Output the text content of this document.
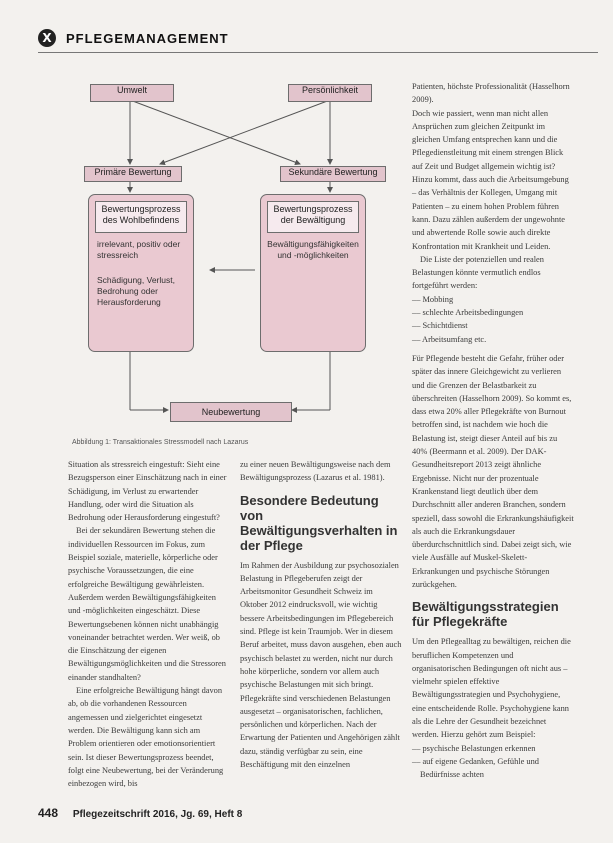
X	PFLEGEMANAGEMENT
Umwelt	Persönlichkeit
Primäre Bewertung	Sekundäre Bewertung
Bewertungsprozess des Wohlbefindens
irrelevant, positiv oder stressreich
Schädigung, Verlust, Bedrohung oder Herausforderung
Bewertungsprozess der Bewältigung
Bewältigungsfähigkeiten und -möglichkeiten
Neubewertung
Abbildung 1: Transaktionales Stressmodell nach Lazarus

Situation als stressreich eingestuft: Sieht eine Bezugsperson einer Einschätzung nach in einer Schädigung, im Verlust zu erwartender Handlung, oder wird die Situation als Bedrohung oder Herausforderung eingestuft?

Bei der sekundären Bewertung stehen die individuellen Ressourcen im Fokus, zum Beispiel soziale, materielle, körperliche oder psychische Voraussetzungen, die eine erfolgreiche Bewältigung gewährleisten. Außerdem werden Bewältigungsfähigkeiten und -möglichkeiten eingeschätzt. Diese Bewertungsebenen können nicht unabhängig voneinander betrachtet werden. Wer weiß, ob die Einschätzung der eigenen Bewältigungsmöglichkeiten und die Stressoren einander standhalten?

Eine erfolgreiche Bewältigung hängt davon ab, ob die vorhandenen Ressourcen angemessen und zielgerichtet eingesetzt werden. Die Bewältigung kann sich am Problem orientieren oder emotionsorientiert sein. Ist dieser Bewertungsprozess beendet, folgt eine Neubewertung, bei der Veränderung einbezogen wird, bis

zu einer neuen Bewältigungsweise nach dem Bewältigungsprozess (Lazarus et al. 1981).

Besondere Bedeutung von Bewältigungsverhalten in der Pflege

Im Rahmen der Ausbildung zur psychosozialen Belastung in Pflegeberufen zeigt der Arbeitsmonitor Gesundheit Schweiz im Oktober 2012 eindrucksvoll, wie wichtig bessere Arbeitsbedingungen im Pflegebereich sind. Pflege ist kein Traumjob. Wer in diesem Beruf arbeitet, muss davon ausgehen, eben auch psychisch belastet zu werden, nicht nur durch hohe körperliche, sondern vor allem auch psychische Belastungen mit sich bringt. Pflegekräfte sind verschiedenen Belastungen ausgesetzt – organisatorischen, fachlichen, persönlichen und körperlichen. Nach der Erwartung der Patienten und Angehörigen zählt dazu, ständig verfügbar zu sein, eine Beschäftigung mit den einzelnen

Patienten, höchste Professionalität (Hasselhorn 2009).

Doch wie passiert, wenn man nicht allen Ansprüchen zum gleichen Zeitpunkt im gleichen Umfang entsprechen kann und die Pflegedienstleitung mit einem strengen Blick auf Zeit und Budget allgemein wichtig ist? Hinzu kommt, dass auch die Arbeitsumgebung – das Verhältnis der Kollegen, Umgang mit Patienten – zu einem hohen Problem führen kann. Dazu zählen außerdem der ungewohnte und abwertende Rolle sowie auch direkte Konfrontation mit Krankheit und Leiden.

Die Liste der potenziellen und realen Belastungen könnte vermutlich endlos fortgeführt werden:

–– Mobbing

–– schlechte Arbeitsbedingungen

–– Schichtdienst

–– Arbeitsumfang etc.

Für Pflegende besteht die Gefahr, früher oder später das innere Gleichgewicht zu verlieren und die Grenzen der Belastbarkeit zu überschreiten (Hasselhorn 2009). So kommt es, dass etwa 20% aller Pflegekräfte von Burnout betroffen sind, ist nachdem wie hoch die Belastung ist, steigt dieser Anteil auf bis zu 40% (Beermann et al. 2009). Der DAK-Gesundheitsreport 2013 zeigt ähnliche Ergebnisse. Nicht nur der prozentuale Krankenstand liegt deutlich über dem Durchschnitt aller anderen Branchen, sondern speziell, dass sowohl die Erkrankungshäufigkeit als auch die Erkrankungsdauer überdurchschnittlich sind. Dabei zeigt sich, wie viele Ausfälle auf Muskel-Skelett-Erkrankungen und psychische Störungen zurückgehen.

Bewältigungsstrategien für Pflegekräfte

Um den Pflegealltag zu bewältigen, reichen die beruflichen Kompetenzen und organisatorischen Bedingungen oft nicht aus – vielmehr spielen effektive Bewältigungsstrategien und Psychohygiene, eine entscheidende Rolle. Psychohygiene kann als die Lehre der Gesundheit bezeichnet werden. Hierzu gehört zum Beispiel:

–– psychische Belastungen erkennen

–– auf eigene Gedanken, Gefühle und Bedürfnisse achten

448 Pflegezeitschrift 2016, Jg. 69, Heft 8
